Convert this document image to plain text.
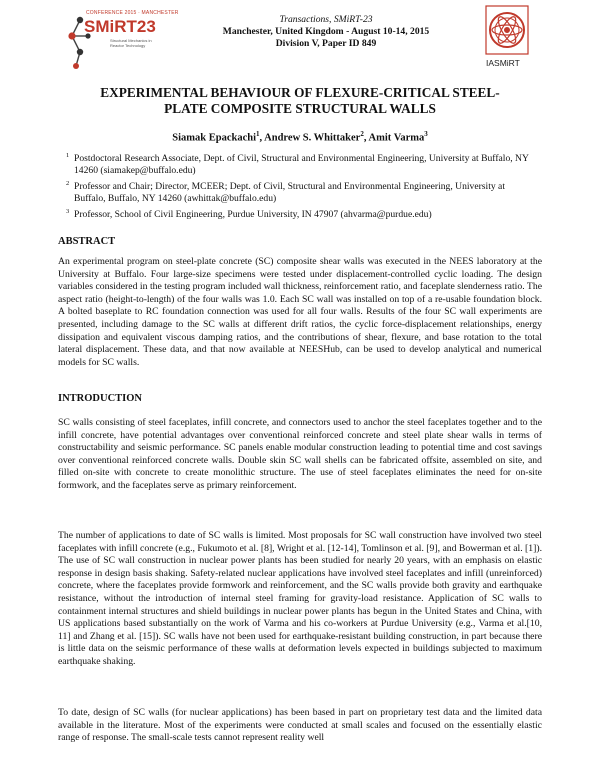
CONFERENCE 2015 · MANCHESTER
SMiRT23
Structural Mechanics in Reactor Technology
IASMiRT
Transactions, SMiRT-23
Manchester, United Kingdom - August 10-14, 2015
Division V, Paper ID 849
EXPERIMENTAL BEHAVIOUR OF FLEXURE-CRITICAL STEEL-
PLATE COMPOSITE STRUCTURAL WALLS
Siamak Epackachi$^1$, Andrew S. Whittaker$^2$, Amit Varma$^3$
1 Postdoctoral Research Associate, Dept. of Civil, Structural and Environmental Engineering, University at Buffalo, NY 14260 (siamakep@buffalo.edu)
2 Professor and Chair; Director, MCEER; Dept. of Civil, Structural and Environmental Engineering, University at Buffalo, Buffalo, NY 14260 (awhittak@buffalo.edu)
3 Professor, School of Civil Engineering, Purdue University, IN 47907 (ahvarma@purdue.edu)
ABSTRACT
An experimental program on steel-plate concrete (SC) composite shear walls was executed in the NEES laboratory at the University at Buffalo. Four large-size specimens were tested under displacement-controlled cyclic loading. The design variables considered in the testing program included wall thickness, reinforcement ratio, and faceplate slenderness ratio. The aspect ratio (height-to-length) of the four walls was 1.0. Each SC wall was installed on top of a re-usable foundation block. A bolted baseplate to RC foundation connection was used for all four walls. Results of the four SC wall experiments are presented, including damage to the SC walls at different drift ratios, the cyclic force-displacement relationships, energy dissipation and equivalent viscous damping ratios, and the contributions of shear, flexure, and base rotation to the total lateral displacement. These data, and that now available at NEESHub, can be used to develop analytical and numerical models for SC walls.
INTRODUCTION
SC walls consisting of steel faceplates, infill concrete, and connectors used to anchor the steel faceplates together and to the infill concrete, have potential advantages over conventional reinforced concrete and steel plate shear walls in terms of constructability and seismic performance. SC panels enable modular construction leading to potential time and cost savings over conventional reinforced concrete walls. Double skin SC wall shells can be fabricated offsite, assembled on site, and filled on-site with concrete to create monolithic structure. The use of steel faceplates eliminates the need for on-site formwork, and the faceplates serve as primary reinforcement.
The number of applications to date of SC walls is limited. Most proposals for SC wall construction have involved two steel faceplates with infill concrete (e.g., Fukumoto et al. [8], Wright et al. [12-14], Tomlinson et al. [9], and Bowerman et al. [1]). The use of SC wall construction in nuclear power plants has been studied for nearly 20 years, with an emphasis on elastic response in design basis shaking. Safety-related nuclear applications have involved steel faceplates and infill (unreinforced) concrete, where the faceplates provide formwork and reinforcement, and the SC walls provide both gravity and earthquake resistance, without the introduction of internal steel framing for gravity-load resistance. Application of SC walls to containment internal structures and shield buildings in nuclear power plants has begun in the United States and China, with US applications based substantially on the work of Varma and his co-workers at Purdue University (e.g., Varma et al.[10, 11] and Zhang et al. [15]). SC walls have not been used for earthquake-resistant building construction, in part because there is little data on the seismic performance of these walls at deformation levels expected in buildings subjected to maximum earthquake shaking.
To date, design of SC walls (for nuclear applications) has been based in part on proprietary test data and the limited data available in the literature. Most of the experiments were conducted at small scales and focused on the essentially elastic range of response. The small-scale tests cannot represent reality well
